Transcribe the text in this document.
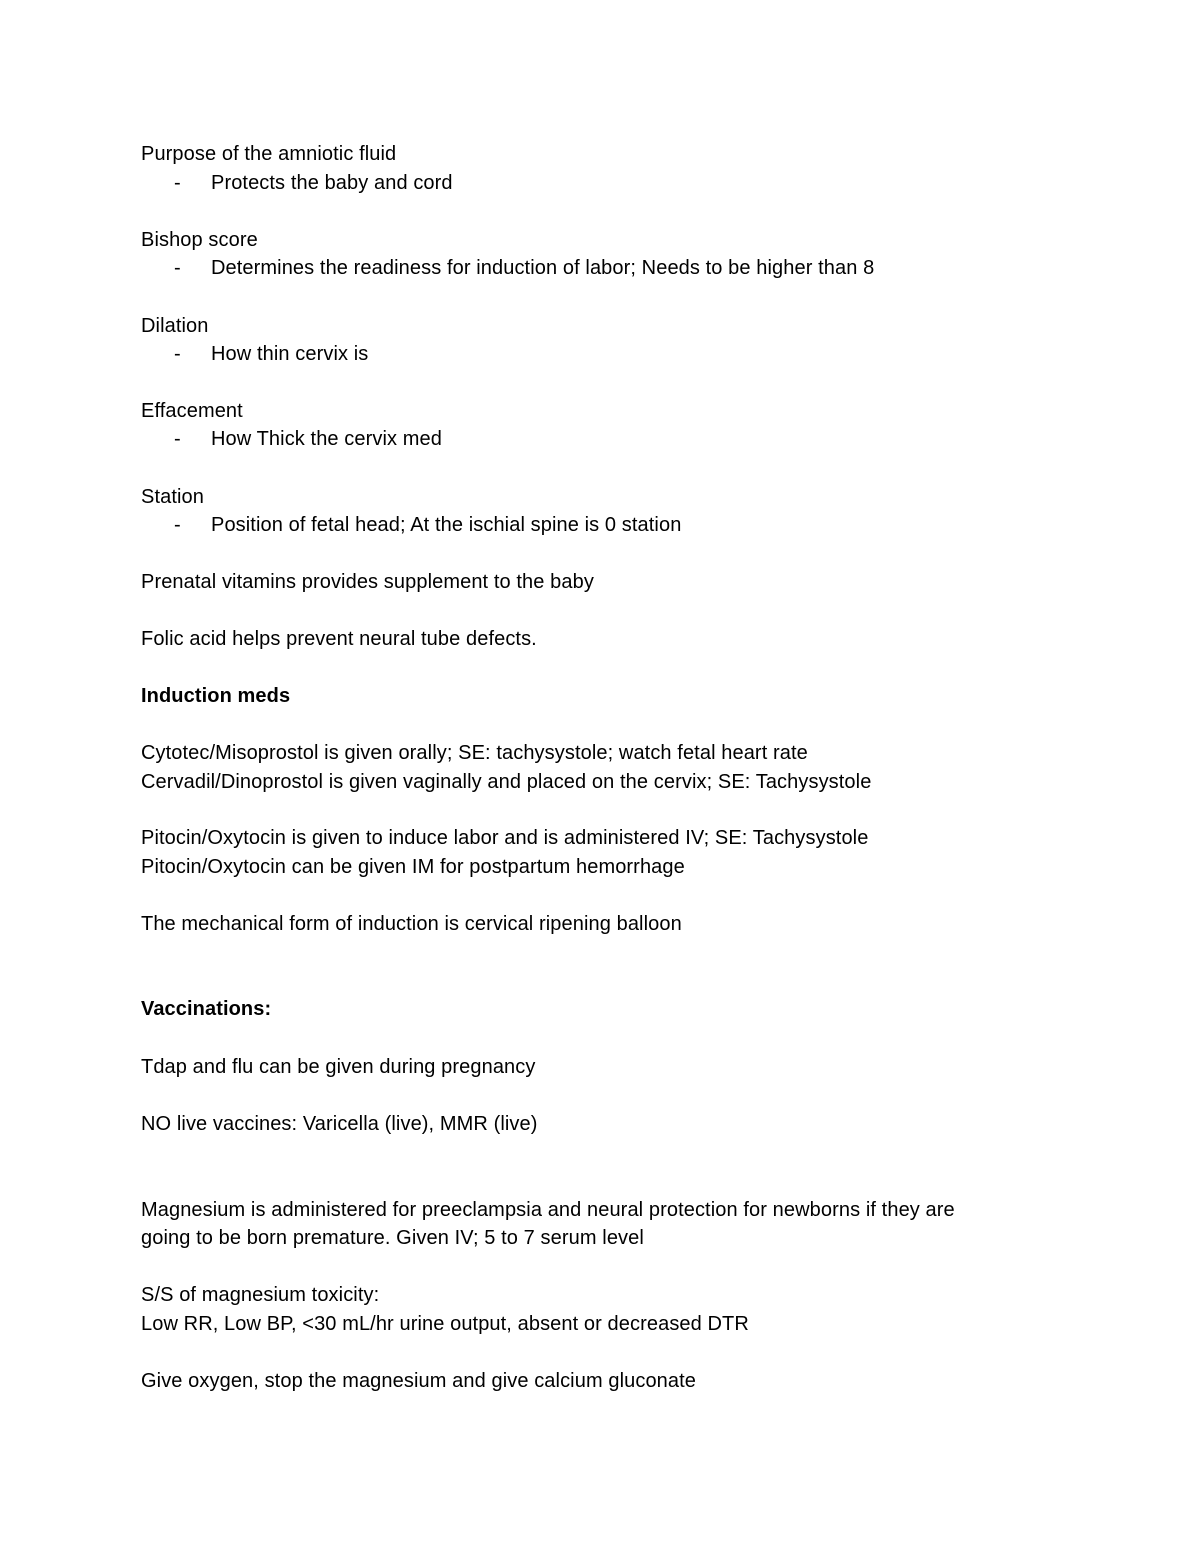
Purpose of the amniotic fluid
- Protects the baby and cord
Bishop score
- Determines the readiness for induction of labor; Needs to be higher than 8
Dilation
- How thin cervix is
Effacement
- How Thick the cervix med
Station
- Position of fetal head; At the ischial spine is 0 station
Prenatal vitamins provides supplement to the baby
Folic acid helps prevent neural tube defects.
Induction meds
Cytotec/Misoprostol is given orally; SE: tachysystole; watch fetal heart rate
Cervadil/Dinoprostol is given vaginally and placed on the cervix; SE: Tachysystole
Pitocin/Oxytocin is given to induce labor and is administered IV; SE: Tachysystole
Pitocin/Oxytocin can be given IM for postpartum hemorrhage
The mechanical form of induction is cervical ripening balloon
Vaccinations:
Tdap and flu can be given during pregnancy
NO live vaccines: Varicella (live), MMR (live)
Magnesium is administered for preeclampsia and neural protection for newborns if they are
going to be born premature. Given IV; 5 to 7 serum level
S/S of magnesium toxicity:
Low RR, Low BP, <30 mL/hr urine output, absent or decreased DTR
Give oxygen, stop the magnesium and give calcium gluconate
